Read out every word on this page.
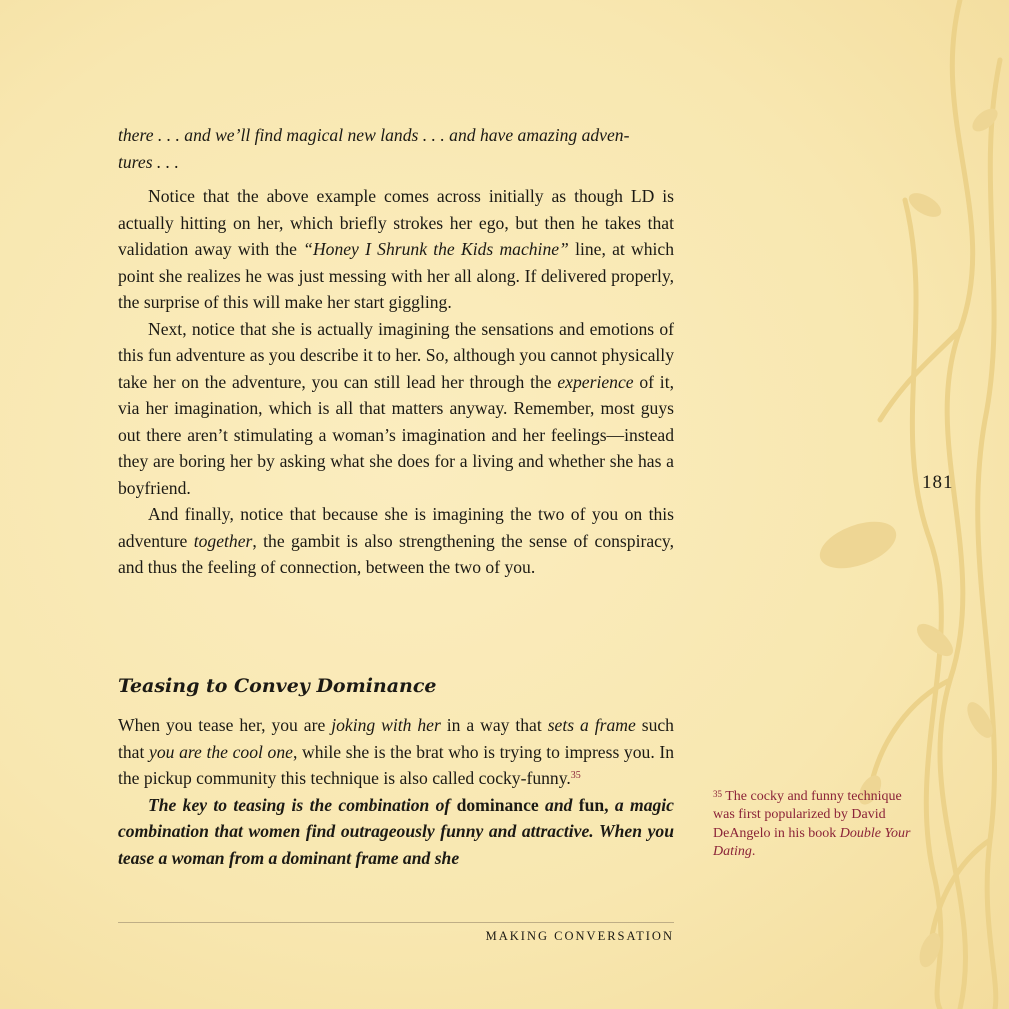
there . . . and we’ll find magical new lands . . . and have amazing adven-

tures . . .

Notice that the above example comes across initially as though LD is actually hitting on her, which briefly strokes her ego, but then he takes that validation away with the “Honey I Shrunk the Kids machine” line, at which point she realizes he was just messing with her all along. If delivered properly, the surprise of this will make her start giggling.

Next, notice that she is actually imagining the sensations and emotions of this fun adventure as you describe it to her. So, although you cannot physically take her on the adventure, you can still lead her through the experience of it, via her imagination, which is all that matters anyway. Remember, most guys out there aren’t stimulating a woman’s imagination and her feelings—instead they are boring her by asking what she does for a living and whether she has a boyfriend.

And finally, notice that because she is imagining the two of you on this adventure together, the gambit is also strengthening the sense of conspiracy, and thus the feeling of connection, between the two of you.

Teasing to Convey Dominance

When you tease her, you are joking with her in a way that sets a frame such that you are the cool one, while she is the brat who is trying to impress you. In the pickup community this technique is also called cocky-funny.$^{35}$

The key to teasing is the combination of dominance and fun, a magic combination that women find outrageously funny and attractive. When you tease a woman from a dominant frame and she

MAKING CONVERSATION
181
$^{35}$ The cocky and funny technique was first popularized by David DeAngelo in his book Double Your Dating.
